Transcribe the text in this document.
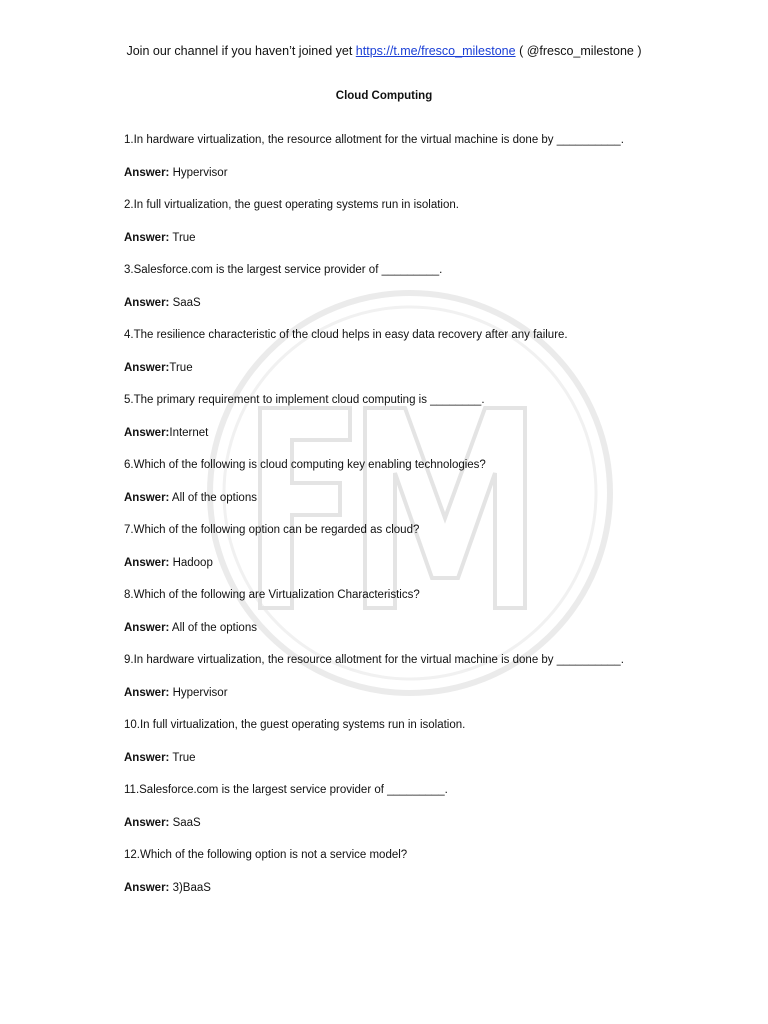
Join our channel if you haven’t joined yet https://t.me/fresco_milestone ( @fresco_milestone )
Cloud Computing

1.In hardware virtualization, the resource allotment for the virtual machine is done by __________.

Answer: Hypervisor

2.In full virtualization, the guest operating systems run in isolation.

Answer: True

3.Salesforce.com is the largest service provider of _________.

Answer: SaaS

4.The resilience characteristic of the cloud helps in easy data recovery after any failure.

Answer:True

5.The primary requirement to implement cloud computing is ________.

Answer:Internet

6.Which of the following is cloud computing key enabling technologies?

Answer: All of the options

7.Which of the following option can be regarded as cloud?

Answer: Hadoop

8.Which of the following are Virtualization Characteristics?

Answer: All of the options

9.In hardware virtualization, the resource allotment for the virtual machine is done by __________.

Answer: Hypervisor

10.In full virtualization, the guest operating systems run in isolation.

Answer: True

11.Salesforce.com is the largest service provider of _________.

Answer: SaaS

12.Which of the following option is not a service model?

Answer: 3)BaaS
